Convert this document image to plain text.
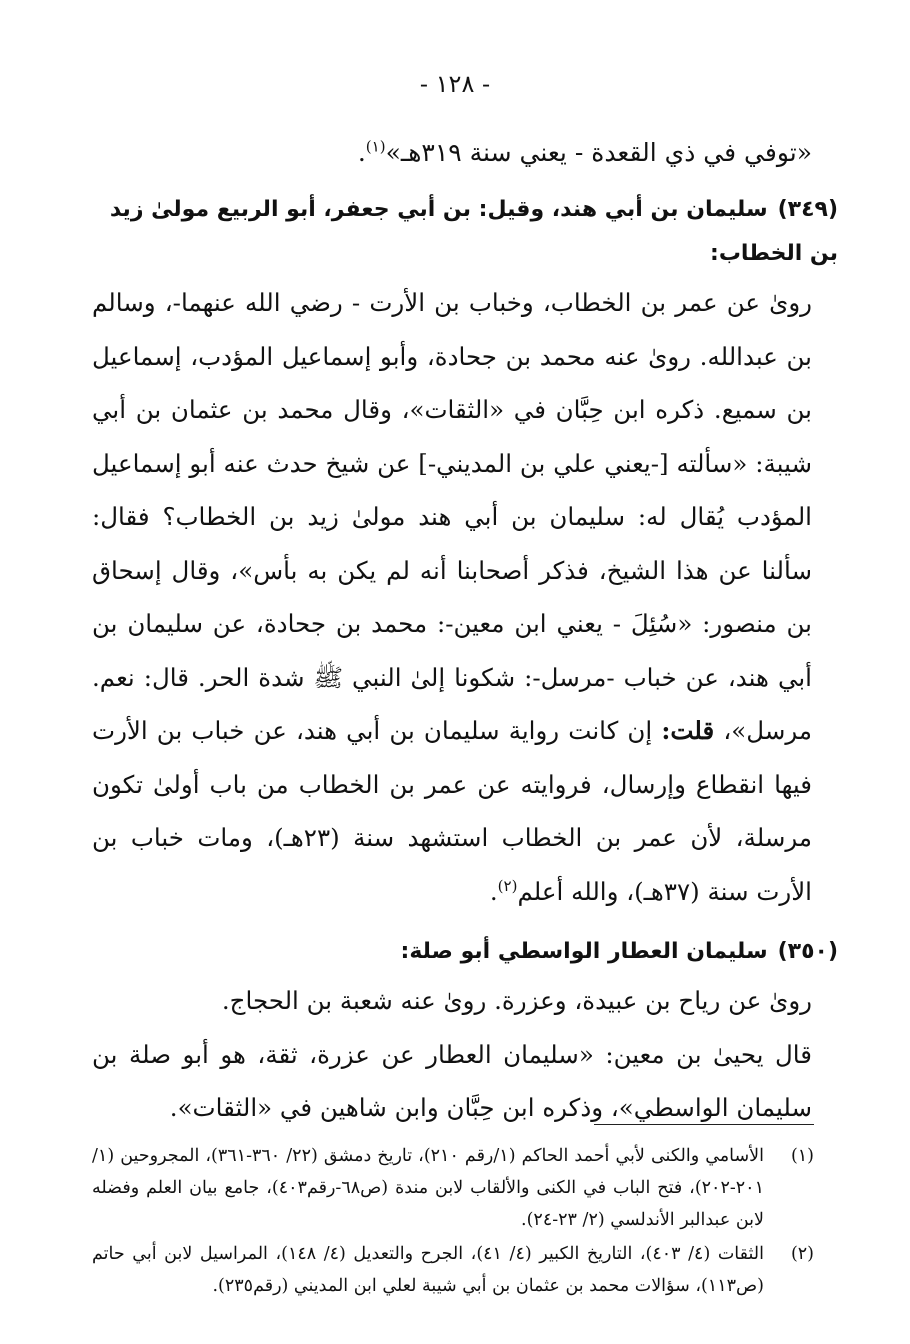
- ١٢٨ -

«توفي في ذي القعدة - يعني سنة ٣١٩هـ»$^{(١)}$.

(٣٤٩)سليمان بن أبي هند، وقيل: بن أبي جعفر، أبو الربيع مولىٰ زيد بن الخطاب:

روىٰ عن عمر بن الخطاب، وخباب بن الأرت - رضي الله عنهما-، وسالم بن عبدالله. روىٰ عنه محمد بن جحادة، وأبو إسماعيل المؤدب، إسماعيل بن سميع. ذكره ابن حِبَّان في «الثقات»، وقال محمد بن عثمان بن أبي شيبة: «سألته [-يعني علي بن المديني-] عن شيخ حدث عنه أبو إسماعيل المؤدب يُقال له: سليمان بن أبي هند مولىٰ زيد بن الخطاب؟ فقال: سألنا عن هذا الشيخ، فذكر أصحابنا أنه لم يكن به بأس»، وقال إسحاق بن منصور: «سُئِلَ - يعني ابن معين-: محمد بن جحادة، عن سليمان بن أبي هند، عن خباب -مرسل-: شكونا إلىٰ النبي ﷺ شدة الحر. قال: نعم. مرسل»، قلت: إن كانت رواية سليمان بن أبي هند، عن خباب بن الأرت فيها انقطاع وإرسال، فروايته عن عمر بن الخطاب من باب أولىٰ تكون مرسلة، لأن عمر بن الخطاب استشهد سنة (٢٣هـ)، ومات خباب بن الأرت سنة (٣٧هـ)، والله أعلم$^{(٢)}$.

(٣٥٠)سليمان العطار الواسطي أبو صلة:

روىٰ عن رياح بن عبيدة، وعزرة. روىٰ عنه شعبة بن الحجاج.

قال يحيىٰ بن معين: «سليمان العطار عن عزرة، ثقة، هو أبو صلة بن سليمان الواسطي»، وذكره ابن حِبَّان وابن شاهين في «الثقات».

(١)
الأسامي والكنى لأبي أحمد الحاكم (١/رقم ٢١٠)، تاريخ دمشق (٢٢/ ٣٦٠-٣٦١)، المجروحين (١/ ٢٠١-٢٠٢)، فتح الباب في الكنى والألقاب لابن مندة (ص٦٨-رقم٤٠٣)، جامع بيان العلم وفضله لابن عبدالبر الأندلسي (٢/ ٢٣-٢٤).
(٢)
الثقات (٤/ ٤٠٣)، التاريخ الكبير (٤/ ٤١)، الجرح والتعديل (٤/ ١٤٨)، المراسيل لابن أبي حاتم (ص١١٣)، سؤالات محمد بن عثمان بن أبي شيبة لعلي ابن المديني (رقم٢٣٥).
